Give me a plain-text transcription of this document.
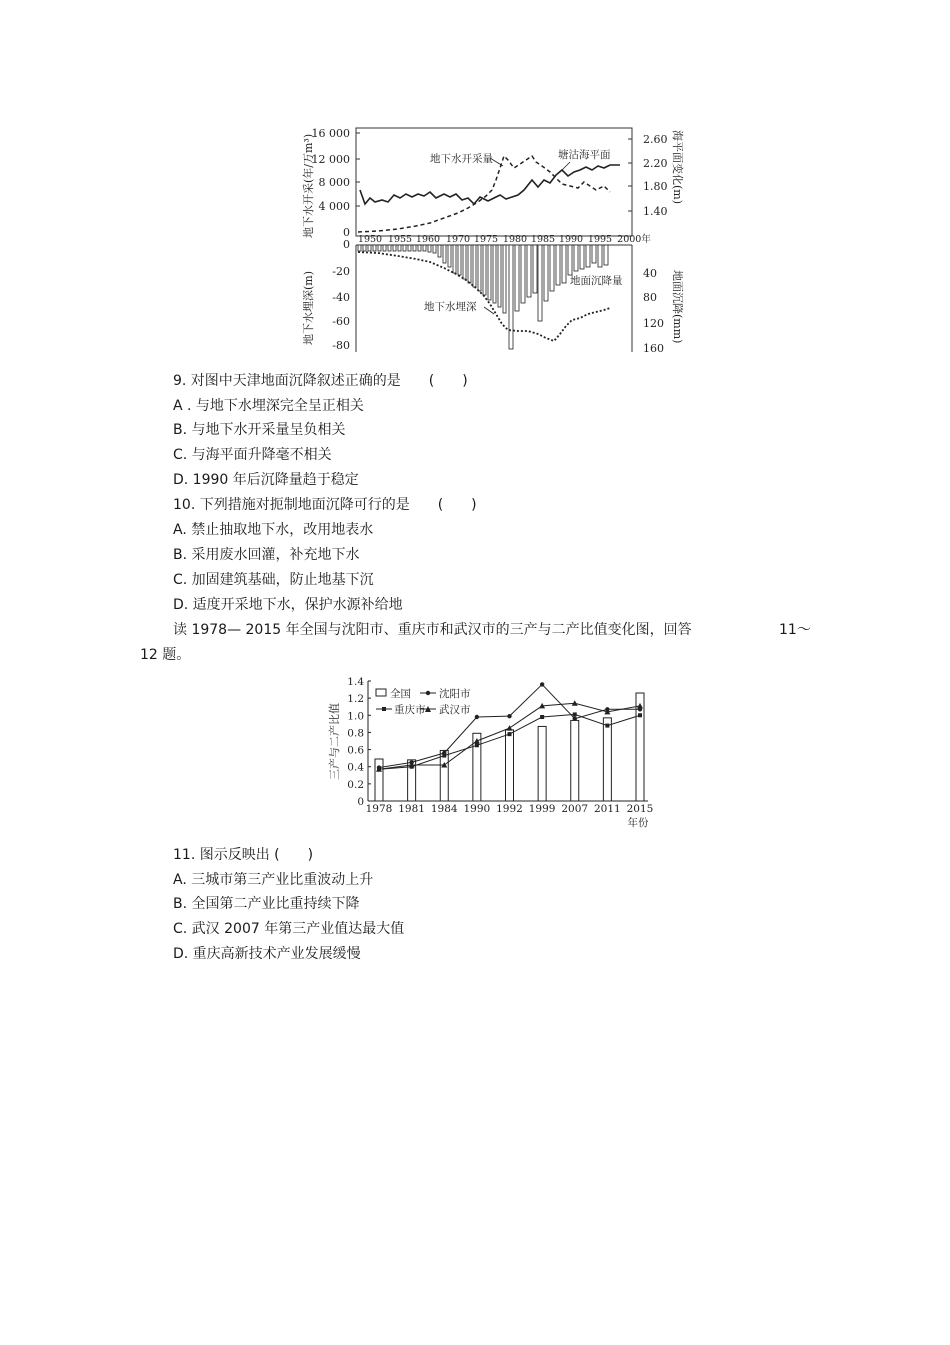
16 000
12 000
8 000
4 000
0
2.60
2.20
1.80
1.40
地下水开采(年/万m³)	海平面变化(m)
1950 1955 1960 1970 1975 1980 1985 1990 1995 2000年
地下水开采量	塘沽海平面
0
-20
-40
-60
-80
40
80
120
160
地下水埋深(m)	地面沉降(mm)
地面沉降量
地下水埋深
9. 对图中天津地面沉降叙述正确的是　　(　　)
A . 与地下水埋深完全呈正相关
B. 与地下水开采量呈负相关
C. 与海平面升降毫不相关
D. 1990 年后沉降量趋于稳定
10. 下列措施对扼制地面沉降可行的是　　(　　)
A. 禁止抽取地下水，改用地表水
B. 采用废水回灌，补充地下水
C. 加固建筑基础，防止地基下沉
D. 适度开采地下水，保护水源补给地
读 1978— 2015 年全国与沈阳市、重庆市和武汉市的三产与二产比值变化图，回答	11～
12 题。
三产与二产比值
0
0.2
0.4
0.6
0.8
1.0
1.2
1.4
1978 1981 1984 1990 1992 1999 2007 2011 2015
年份
全国	沈阳市
重庆市 武汉市
11. 图示反映出 (　　)
A. 三城市第三产业比重波动上升
B. 全国第二产业比重持续下降
C. 武汉 2007 年第三产业值达最大值
D. 重庆高新技术产业发展缓慢
